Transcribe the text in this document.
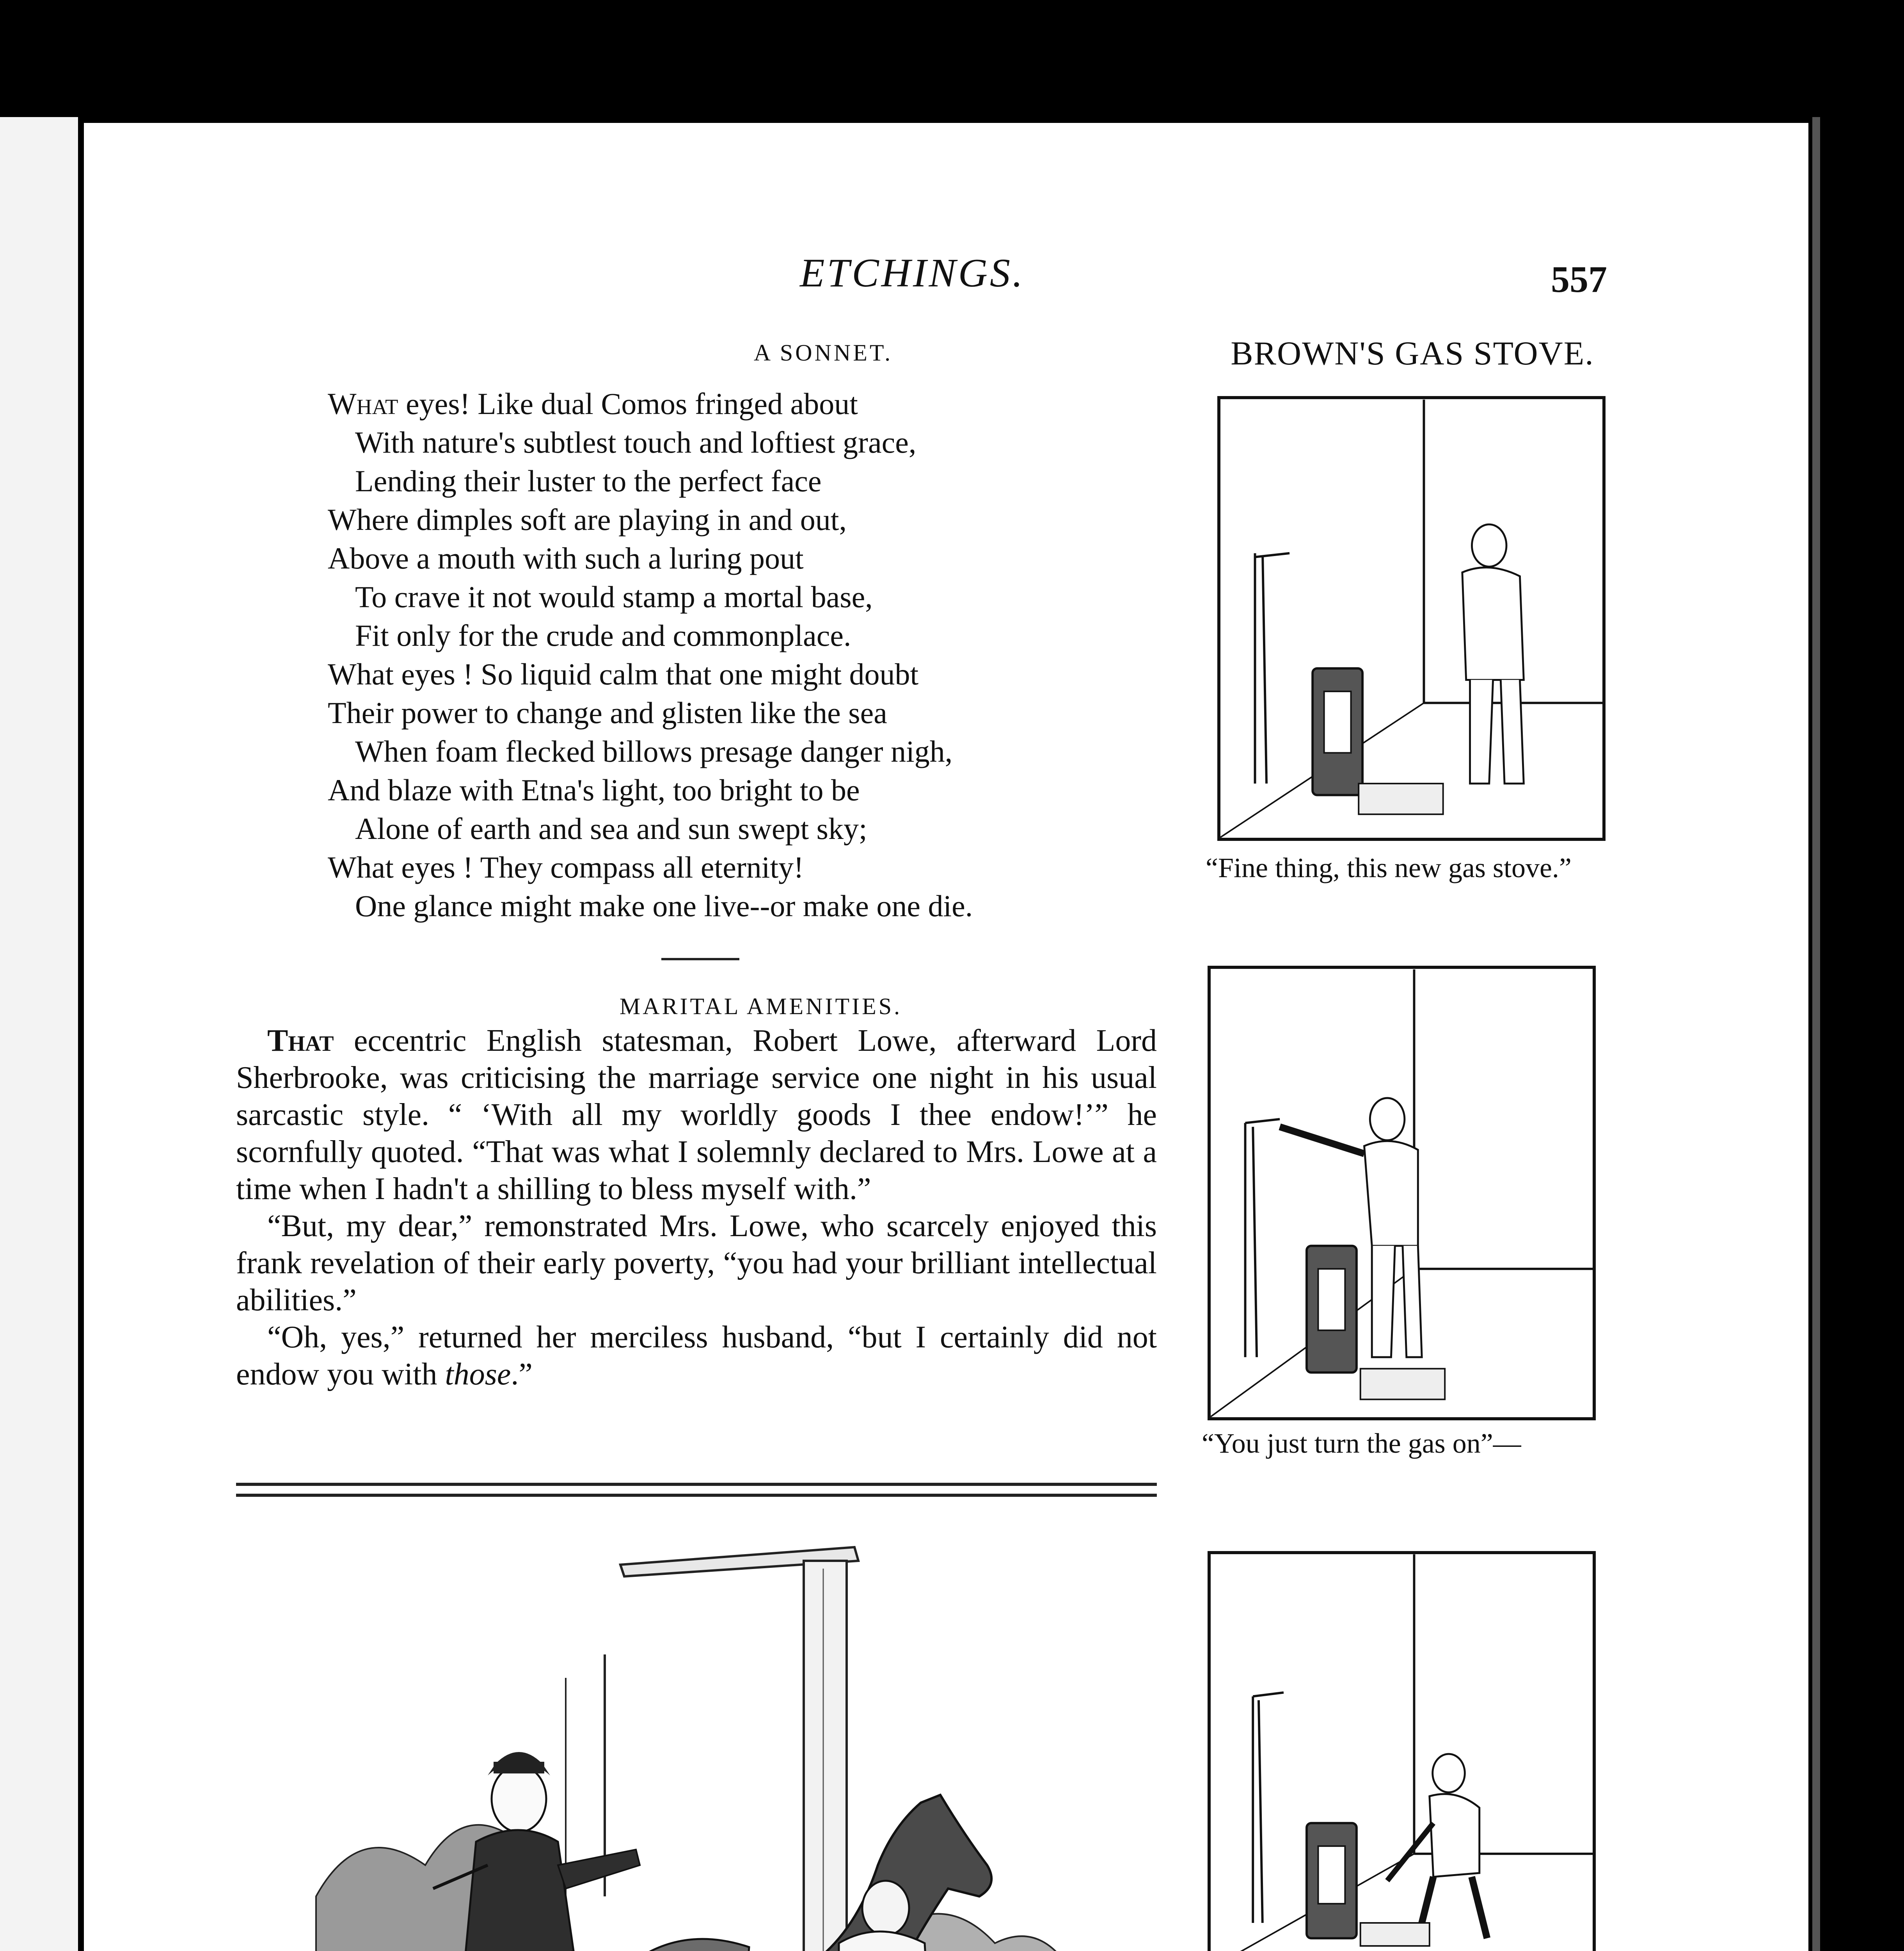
ETCHINGS.	557
A SONNET.
What eyes! Like dual Comos fringed about
With nature's subtlest touch and loftiest grace,
Lending their luster to the perfect face
Where dimples soft are playing in and out,
Above a mouth with such a luring pout
To crave it not would stamp a mortal base,
Fit only for the crude and commonplace.
What eyes ! So liquid calm that one might doubt
Their power to change and glisten like the sea
When foam flecked billows presage danger nigh,
And blaze with Etna's light, too bright to be
Alone of earth and sea and sun swept sky;
What eyes ! They compass all eternity!
One glance might make one live--or make one die.
MARITAL AMENITIES.

That eccentric English statesman, Robert Lowe, afterward Lord Sherbrooke, was criticising the marriage service one night in his usual sarcastic style. “ ‘With all my worldly goods I thee endow!’” he scornfully quoted. “That was what I solemnly declared to Mrs. Lowe at a time when I hadn't a shilling to bless myself with.”

“But, my dear,” remonstrated Mrs. Lowe, who scarcely enjoyed this frank revelation of their early poverty, “you had your brilliant intellectual abilities.”

“Oh, yes,” returned her merciless husband, “but I certainly did not endow you with those.”

BROWN'S GAS STOVE.
“Fine thing, this new gas stove.”
“You just turn the gas on”—
